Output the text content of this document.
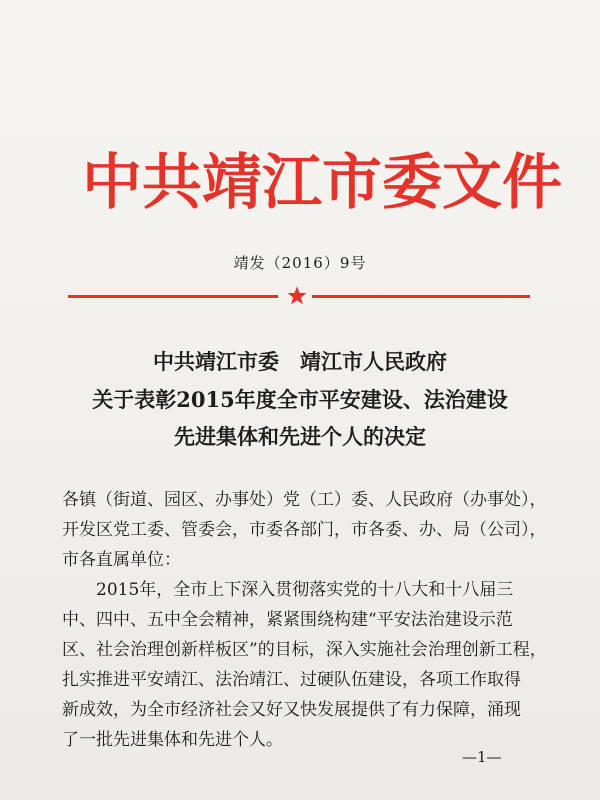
中共靖江市委文件
靖发（2016）9号
中共靖江市委　靖江市人民政府
关于表彰2015年度全市平安建设、法治建设
先进集体和先进个人的决定
各镇（街道、园区、办事处）党（工）委、人民政府（办事处），
开发区党工委、管委会，市委各部门，市各委、办、局（公司），
市各直属单位：
　　2015年，全市上下深入贯彻落实党的十八大和十八届三
中、四中、五中全会精神，紧紧围绕构建“平安法治建设示范
区、社会治理创新样板区”的目标，深入实施社会治理创新工程，
扎实推进平安靖江、法治靖江、过硬队伍建设，各项工作取得
新成效，为全市经济社会又好又快发展提供了有力保障，涌现
了一批先进集体和先进个人。
—1—
